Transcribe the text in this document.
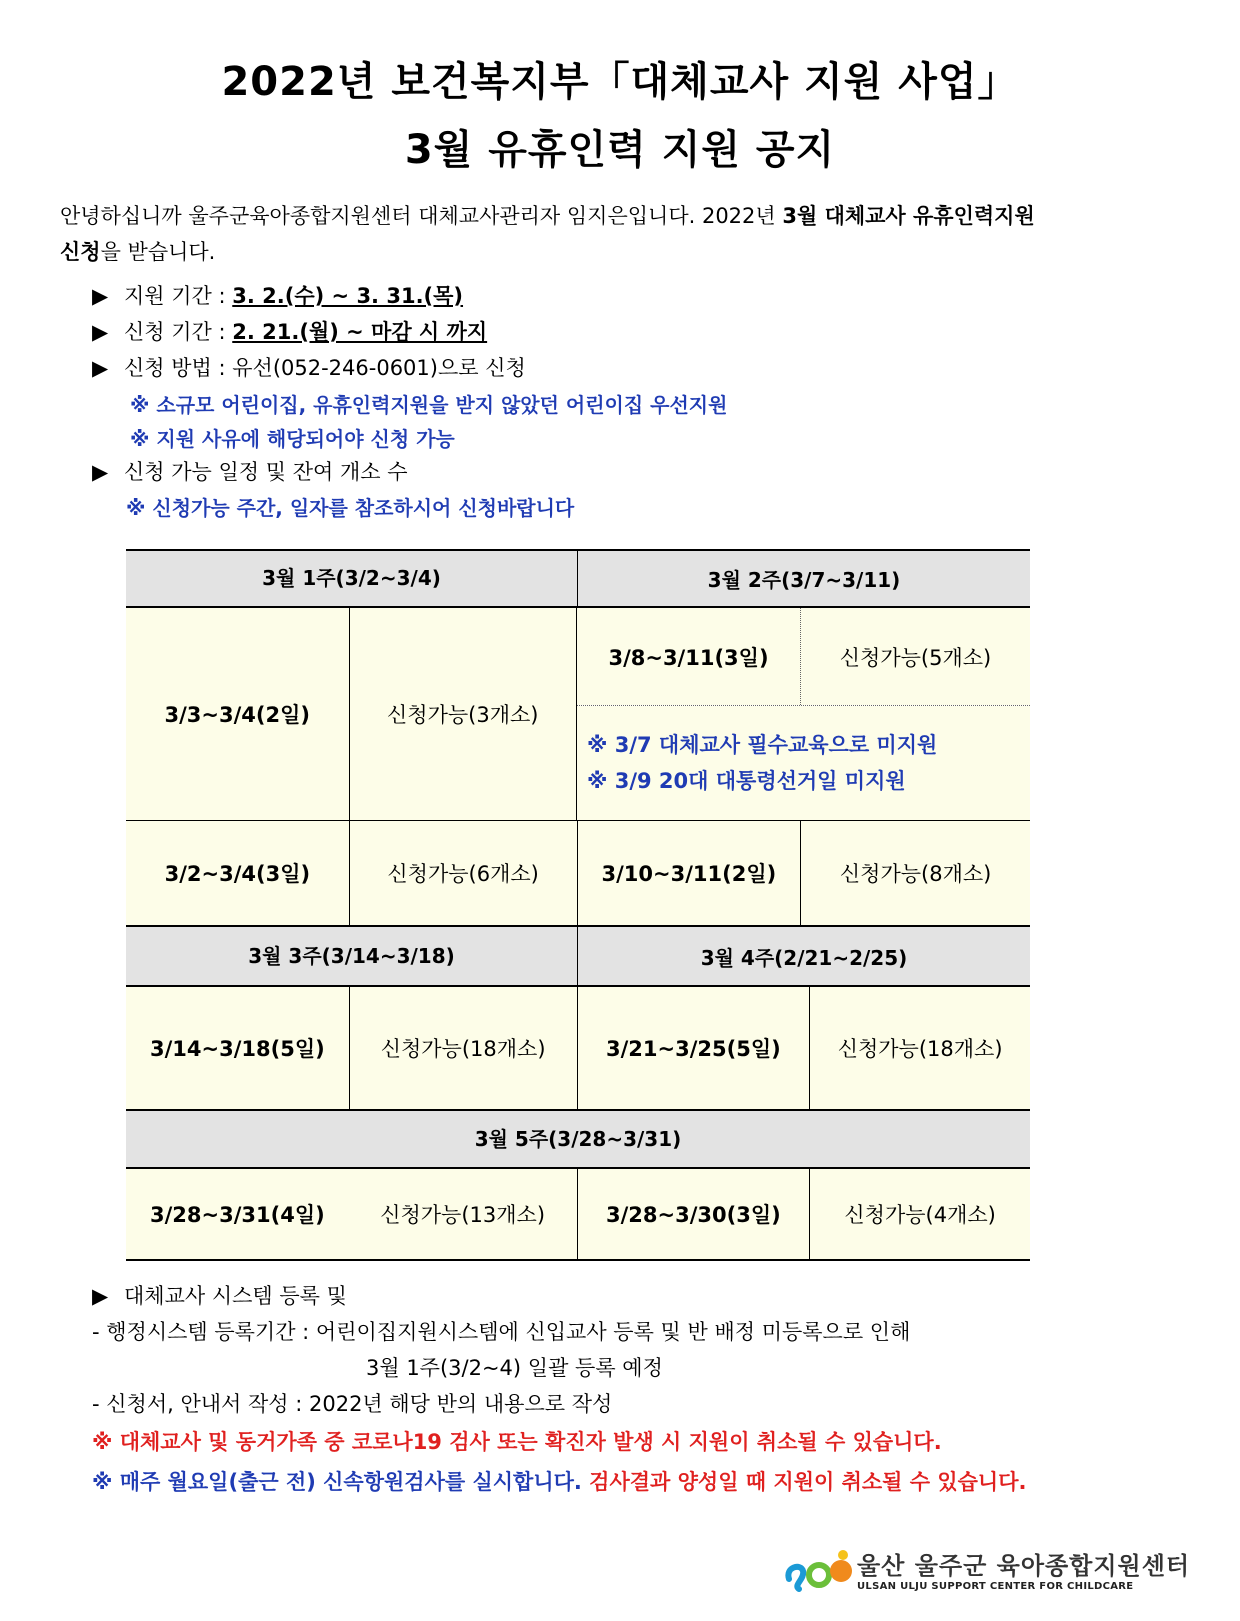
2022년 보건복지부「대체교사 지원 사업」
3월 유휴인력 지원 공지
안녕하십니까 울주군육아종합지원센터 대체교사관리자 임지은입니다. 2022년 3월 대체교사 유휴인력지원
신청을 받습니다.
▶ 지원 기간 : 3. 2.(수) ~ 3. 31.(목)
▶ 신청 기간 : 2. 21.(월) ~ 마감 시 까지
▶ 신청 방법 : 유선(052-246-0601)으로 신청
※ 소규모 어린이집, 유휴인력지원을 받지 않았던 어린이집 우선지원
※ 지원 사유에 해당되어야 신청 가능
▶ 신청 가능 일정 및 잔여 개소 수
※ 신청가능 주간, 일자를 참조하시어 신청바랍니다
3월 1주(3/2~3/4)	3월 2주(3/7~3/11)
3/3~3/4(2일)	신청가능(3개소)
3/8~3/11(3일)	신청가능(5개소)
※ 3/7 대체교사 필수교육으로 미지원
※ 3/9 20대 대통령선거일 미지원
3/2~3/4(3일)	신청가능(6개소)	3/10~3/11(2일)	신청가능(8개소)
3월 3주(3/14~3/18)	3월 4주(2/21~2/25)
3/14~3/18(5일)	신청가능(18개소)	3/21~3/25(5일)	신청가능(18개소)
3월 5주(3/28~3/31)
3/28~3/31(4일)	신청가능(13개소)	3/28~3/30(3일)	신청가능(4개소)
▶ 대체교사 시스템 등록 및
- 행정시스템 등록기간 : 어린이집지원시스템에 신입교사 등록 및 반 배정 미등록으로 인해
3월 1주(3/2~4) 일괄 등록 예정
- 신청서, 안내서 작성 : 2022년 해당 반의 내용으로 작성
※ 대체교사 및 동거가족 중 코로나19 검사 또는 확진자 발생 시 지원이 취소될 수 있습니다.
※ 매주 월요일(출근 전) 신속항원검사를 실시합니다. 검사결과 양성일 때 지원이 취소될 수 있습니다.
울산 울주군 육아종합지원센터
ULSAN ULJU SUPPORT CENTER FOR CHILDCARE
